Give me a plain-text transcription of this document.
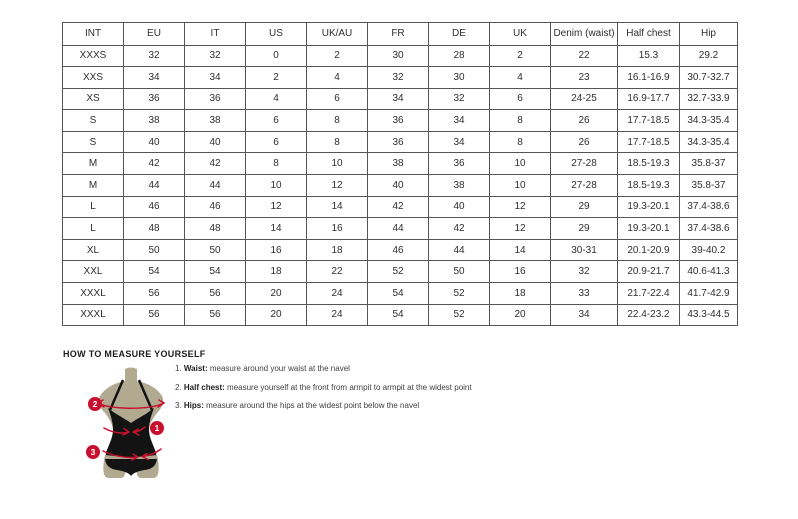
INT	EU	IT	US	UK/AU	FR	DE	UK	Denim (waist)	Half chest	Hip
XXXS	32	32	0	2	30	28	2	22	15.3	29.2
XXS	34	34	2	4	32	30	4	23	16.1-16.9	30.7-32.7
XS	36	36	4	6	34	32	6	24-25	16.9-17.7	32.7-33.9
S	38	38	6	8	36	34	8	26	17.7-18.5	34.3-35.4
S	40	40	6	8	36	34	8	26	17.7-18.5	34.3-35.4
M	42	42	8	10	38	36	10	27-28	18.5-19.3	35.8-37
M	44	44	10	12	40	38	10	27-28	18.5-19.3	35.8-37
L	46	46	12	14	42	40	12	29	19.3-20.1	37.4-38.6
L	48	48	14	16	44	42	12	29	19.3-20.1	37.4-38.6
XL	50	50	16	18	46	44	14	30-31	20.1-20.9	39-40.2
XXL	54	54	18	22	52	50	16	32	20.9-21.7	40.6-41.3
XXXL	56	56	20	24	54	52	18	33	21.7-22.4	41.7-42.9
XXXL	56	56	20	24	54	52	20	34	22.4-23.2	43.3-44.5
HOW TO MEASURE YOURSELF
1. Waist: measure around your waist at the navel
2. Half chest: measure yourself at the front from armpit to armpit at the widest point
3. Hips: measure around the hips at the widest point below the navel
2
1
3
